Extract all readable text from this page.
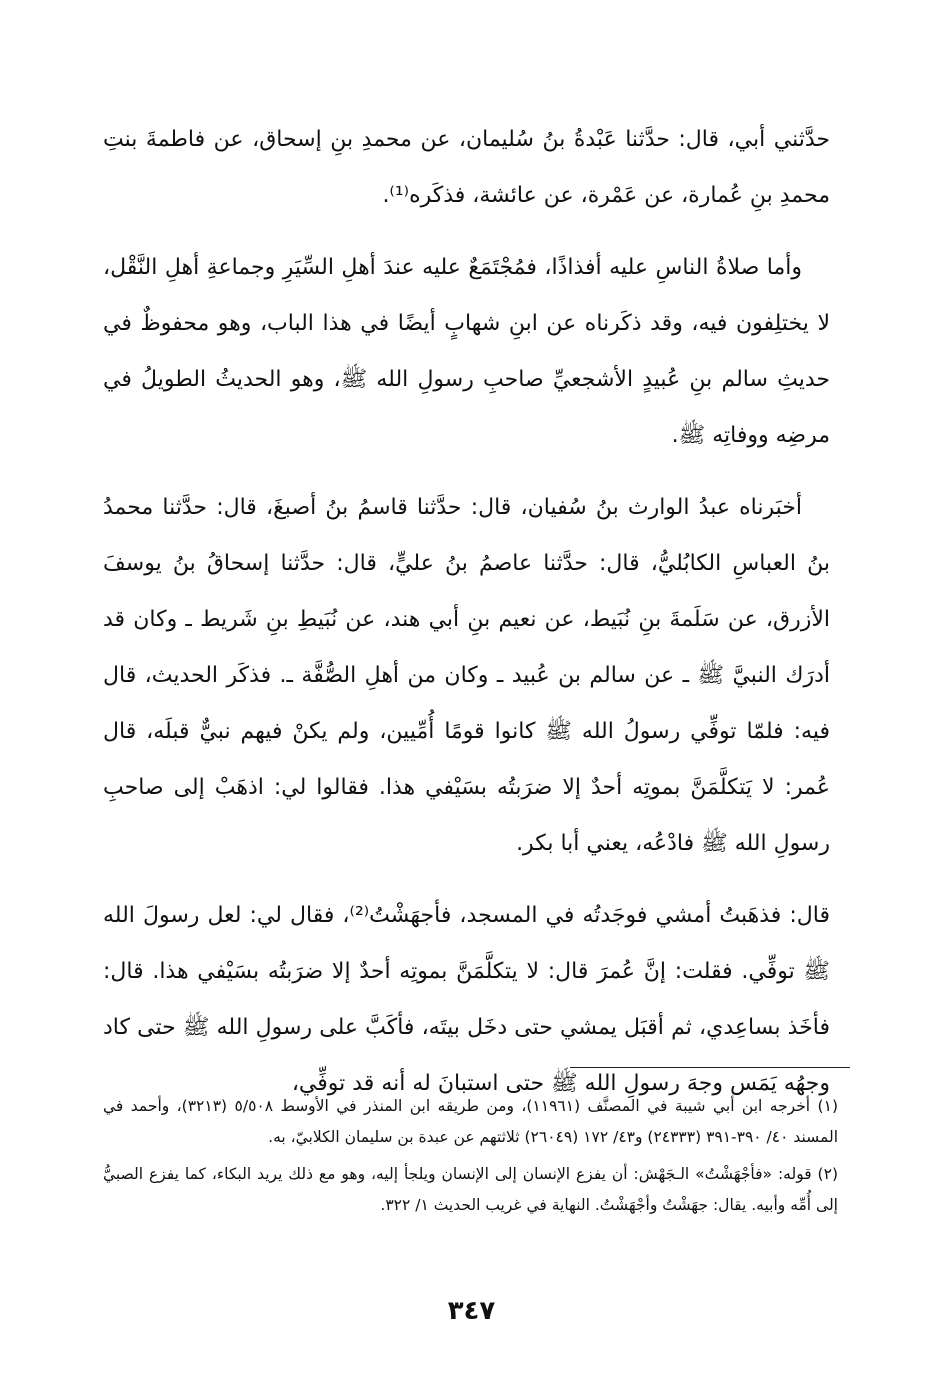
حدَّثني أبي، قال: حدَّثنا عَبْدةُ بنُ سُليمان، عن محمدِ بنِ إسحاق، عن فاطمةَ بنتِ محمدِ بنِ عُمارة، عن عَمْرة، عن عائشة، فذكَره⁽¹⁾.

وأما صلاةُ الناسِ عليه أفذاذًا، فمُجْتَمَعٌ عليه عندَ أهلِ السِّيَرِ وجماعةِ أهلِ النَّقْل، لا يختلِفون فيه، وقد ذكَرناه عن ابنِ شهابٍ أيضًا في هذا الباب، وهو محفوظٌ في حديثِ سالم بنِ عُبيدٍ الأشجعيِّ صاحبِ رسولِ الله ﷺ، وهو الحديثُ الطويلُ في مرضِه ووفاتِه ﷺ.

أخبَرناه عبدُ الوارث بنُ سُفيان، قال: حدَّثنا قاسمُ بنُ أصبغَ، قال: حدَّثنا محمدُ بنُ العباسِ الكابُليُّ، قال: حدَّثنا عاصمُ بنُ عليٍّ، قال: حدَّثنا إسحاقُ بنُ يوسفَ الأزرق، عن سَلَمةَ بنِ نُبَيط، عن نعيم بنِ أبي هند، عن نُبَيطِ بنِ شَريط ـ وكان قد أدرَك النبيَّ ﷺ ـ عن سالم بن عُبيد ـ وكان من أهلِ الصُّفَّة ـ. فذكَر الحديث، قال فيه: فلمّا توفِّي رسولُ الله ﷺ كانوا قومًا أُمِّيين، ولم يكنْ فيهم نبيٌّ قبلَه، قال عُمر: لا يَتكلَّمَنَّ بموتِه أحدٌ إلا ضرَبتُه بسَيْفي هذا. فقالوا لي: اذهَبْ إلى صاحبِ رسولِ الله ﷺ فادْعُه، يعني أبا بكر.

قال: فذهَبتُ أمشي فوجَدتُه في المسجد، فأجهَشْتُ⁽²⁾، فقال لي: لعل رسولَ الله ﷺ توفِّي. فقلت: إنَّ عُمرَ قال: لا يتكلَّمَنَّ بموتِه أحدٌ إلا ضرَبتُه بسَيْفي هذا. قال: فأخَذ بساعِدي، ثم أقبَل يمشي حتى دخَل بيتَه، فأكَبَّ على رسولِ الله ﷺ حتى كاد وجهُه يَمَس وجهَ رسولِ الله ﷺ حتى استبانَ له أنه قد توفِّي،

(١) أخرجه ابن أبي شيبة في المصنَّف (١١٩٦١)، ومن طريقه ابن المنذر في الأوسط ٥/٥٠٨ (٣٢١٣)، وأحمد في المسند ٤٠/ ٣٩٠-٣٩١ (٢٤٣٣٣) و٤٣/ ١٧٢ (٢٦٠٤٩) ثلاثتهم عن عبدة بن سليمان الكلابيّ، به.

(٢) قوله: «فأجْهَشْتُ» الـجَهْش: أن يفزع الإنسان إلى الإنسان ويلجأ إليه، وهو مع ذلك يريد البكاء، كما يفزع الصبيُّ إلى أُمِّه وأبيه. يقال: جهَشْتُ وأجْهَشْتُ. النهاية في غريب الحديث ١/ ٣٢٢.

٣٤٧
